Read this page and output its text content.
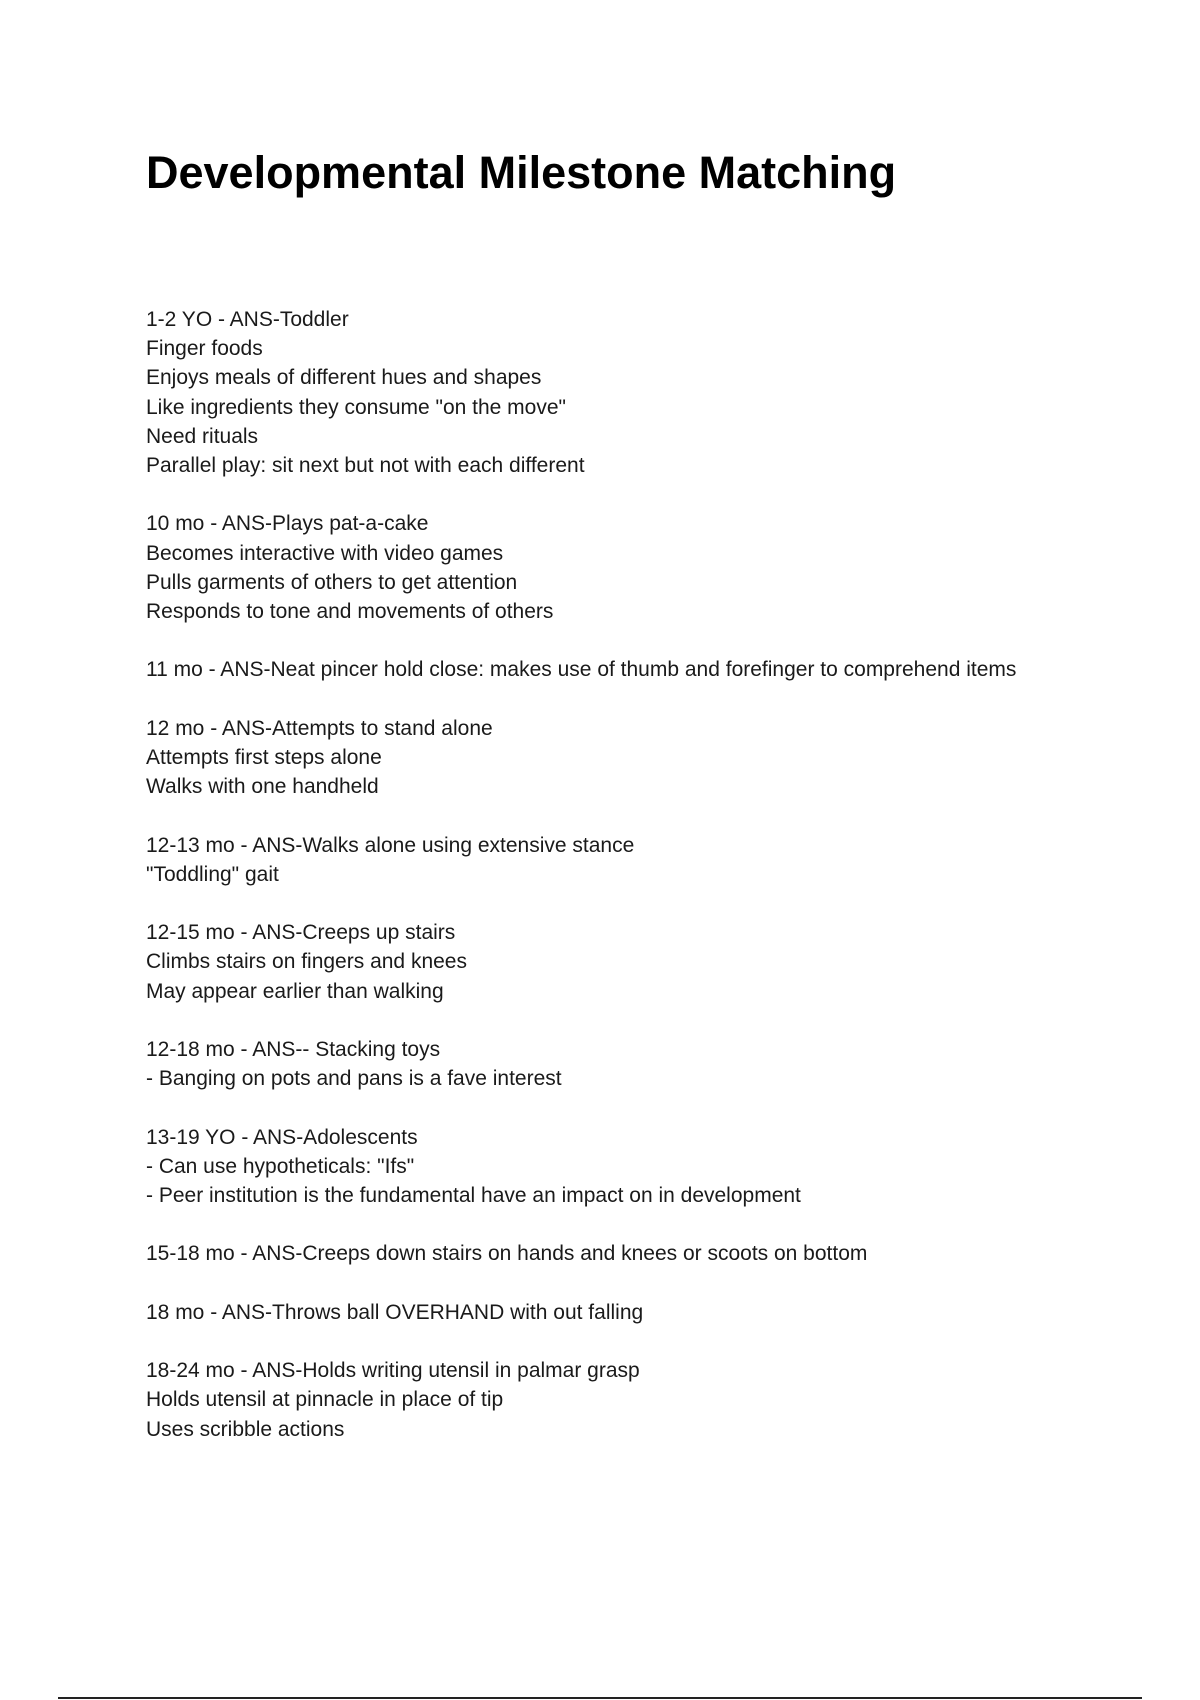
Developmental Milestone Matching
1-2 YO - ANS-Toddler
Finger foods
Enjoys meals of different hues and shapes
Like ingredients they consume "on the move"
Need rituals
Parallel play: sit next but not with each different
10 mo - ANS-Plays pat-a-cake
Becomes interactive with video games
Pulls garments of others to get attention
Responds to tone and movements of others
11 mo - ANS-Neat pincer hold close: makes use of thumb and forefinger to comprehend items
12 mo - ANS-Attempts to stand alone
Attempts first steps alone
Walks with one handheld
12-13 mo - ANS-Walks alone using extensive stance
"Toddling" gait
12-15 mo - ANS-Creeps up stairs
Climbs stairs on fingers and knees
May appear earlier than walking
12-18 mo - ANS-- Stacking toys
- Banging on pots and pans is a fave interest
13-19 YO - ANS-Adolescents
- Can use hypotheticals: "Ifs"
- Peer institution is the fundamental have an impact on in development
15-18 mo - ANS-Creeps down stairs on hands and knees or scoots on bottom
18 mo - ANS-Throws ball OVERHAND with out falling
18-24 mo - ANS-Holds writing utensil in palmar grasp
Holds utensil at pinnacle in place of tip
Uses scribble actions
